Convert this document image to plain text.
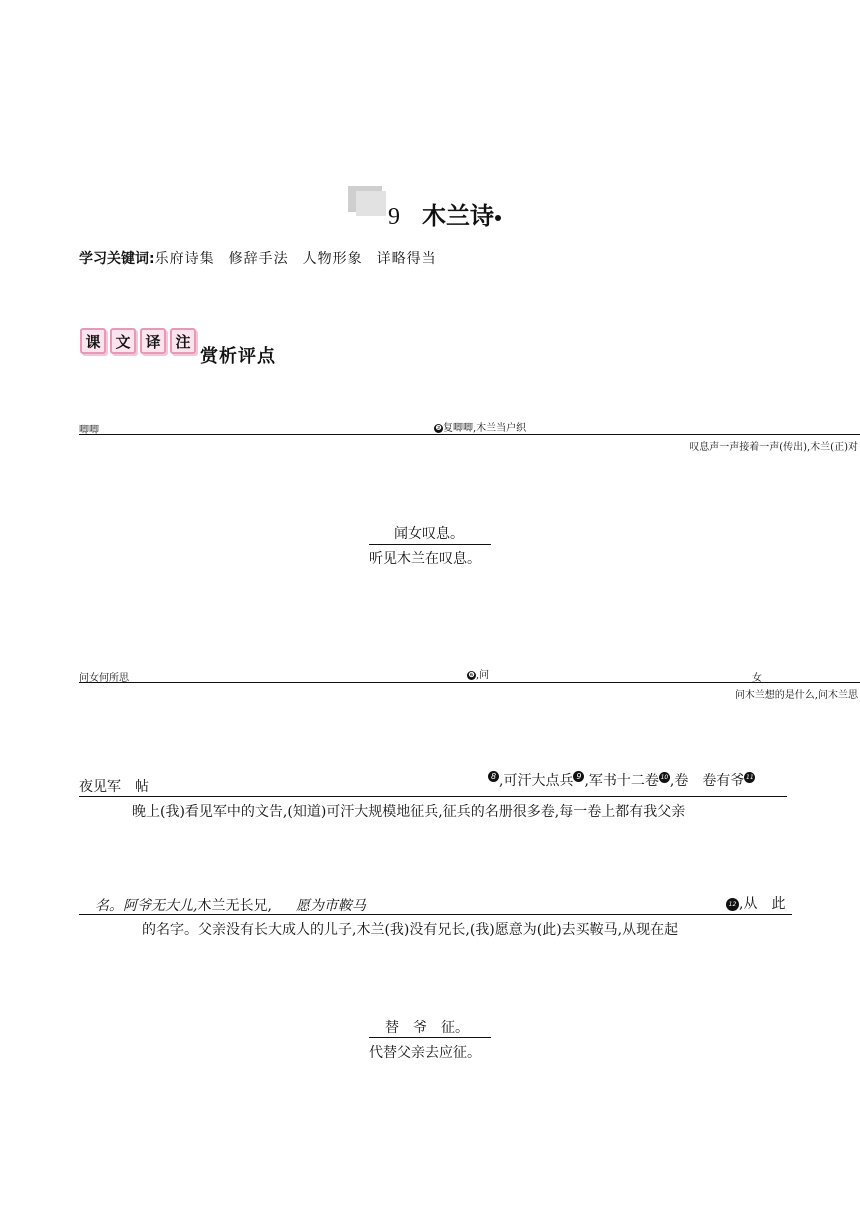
9 木兰诗
学习关键词:乐府诗集 修辞手法 人物形象 详略得当
课 文 译 注
赏析评点
唧唧	❷复唧唧,木兰当户织
叹息声一声接着一声(传出),木兰(正)对
闻女叹息。
听见木兰在叹息。
问女何所思	❻,问	女
问木兰想的是什么,问木兰思
夜见军　帖
8 ,可汗大点兵 9 ,军书十二卷 10 ,卷　卷有爷 11
晚上(我)看见军中的文告,(知道)可汗大规模地征兵,征兵的名册很多卷,每一卷上都有我父亲
名。阿爷无大儿,木兰无长兄, 愿为市鞍马	12 ,从　此
的名字。父亲没有长大成人的儿子,木兰(我)没有兄长,(我)愿意为(此)去买鞍马,从现在起
替　爷　征。
代替父亲去应征。
